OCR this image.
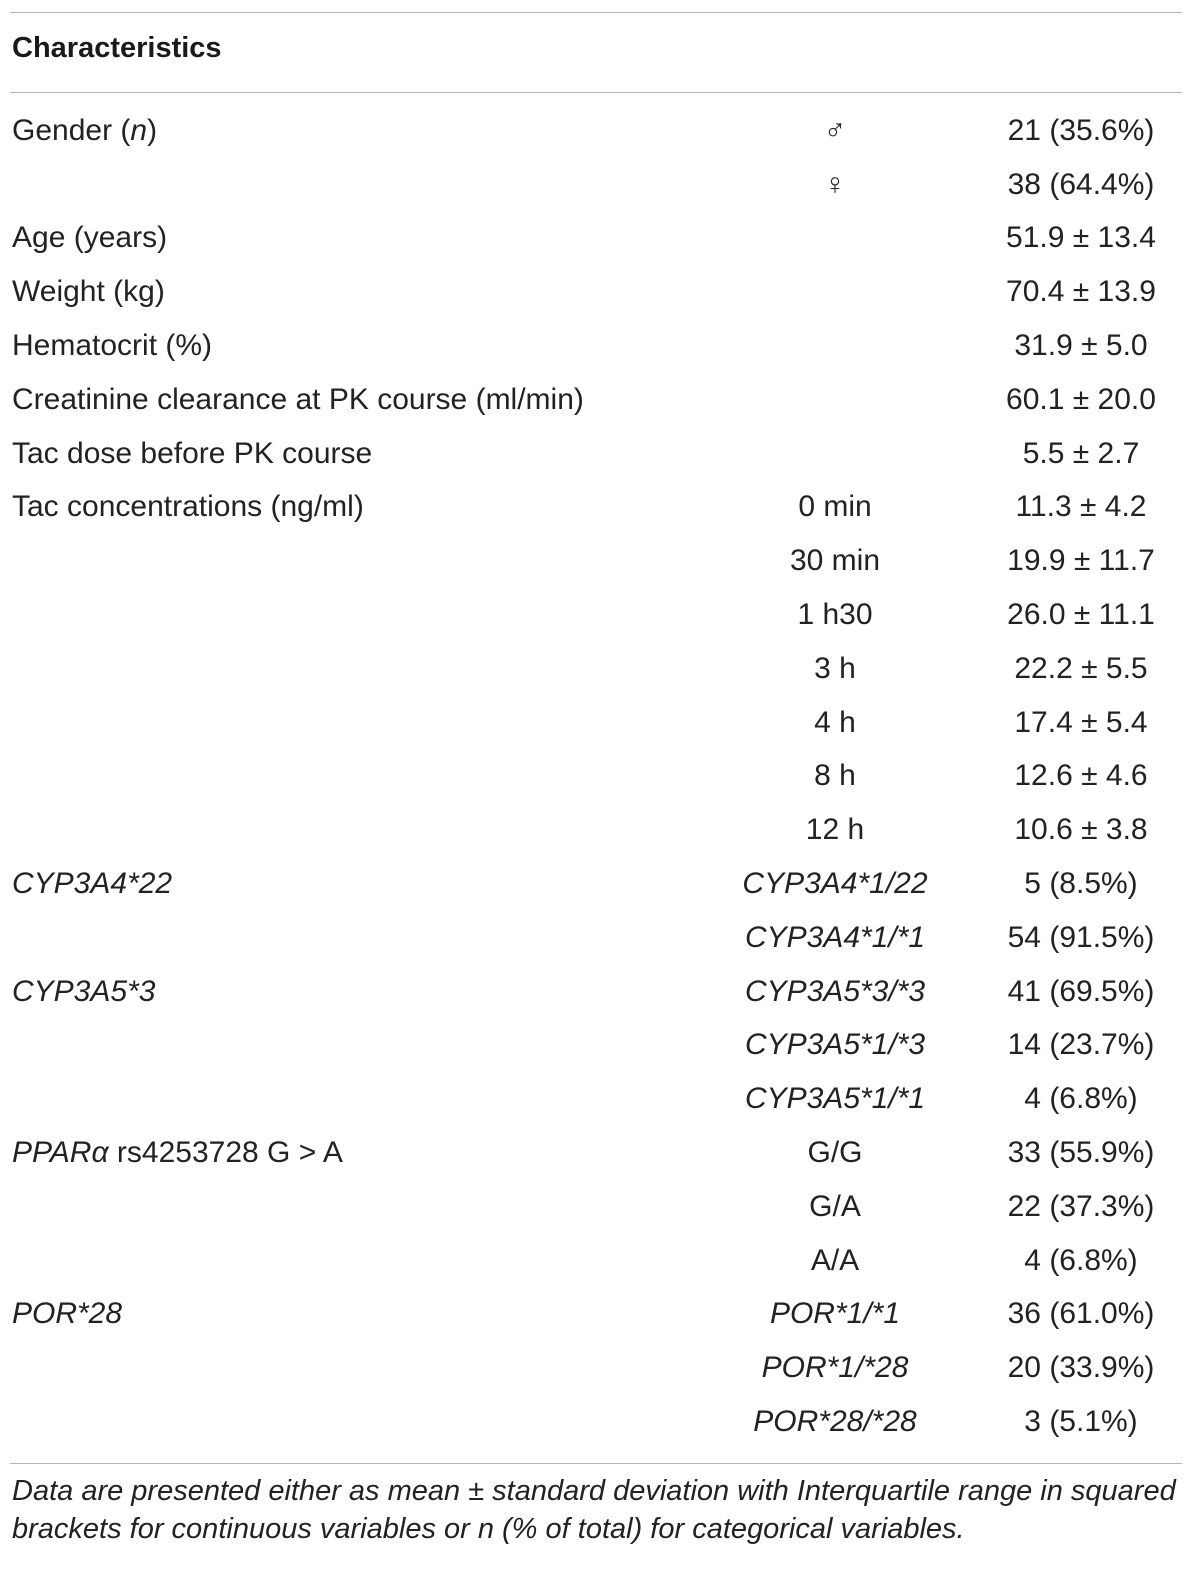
Characteristics
Gender (n)	♂	21 (35.6%)
	♀	38 (64.4%)
Age (years)		51.9 ± 13.4
Weight (kg)		70.4 ± 13.9
Hematocrit (%)		31.9 ± 5.0
Creatinine clearance at PK course (ml/min)		60.1 ± 20.0
Tac dose before PK course		5.5 ± 2.7
Tac concentrations (ng/ml)	0 min	11.3 ± 4.2
	30 min	19.9 ± 11.7
	1 h30	26.0 ± 11.1
	3 h	22.2 ± 5.5
	4 h	17.4 ± 5.4
	8 h	12.6 ± 4.6
	12 h	10.6 ± 3.8
CYP3A4*22	CYP3A4*1/22	5 (8.5%)
	CYP3A4*1/*1	54 (91.5%)
CYP3A5*3	CYP3A5*3/*3	41 (69.5%)
	CYP3A5*1/*3	14 (23.7%)
	CYP3A5*1/*1	4 (6.8%)
PPARα rs4253728 G > A	G/G	33 (55.9%)
	G/A	22 (37.3%)
	A/A	4 (6.8%)
POR*28	POR*1/*1	36 (61.0%)
	POR*1/*28	20 (33.9%)
	POR*28/*28	3 (5.1%)
Data are presented either as mean ± standard deviation with Interquartile range in squared brackets for continuous variables or n (% of total) for categorical variables.
